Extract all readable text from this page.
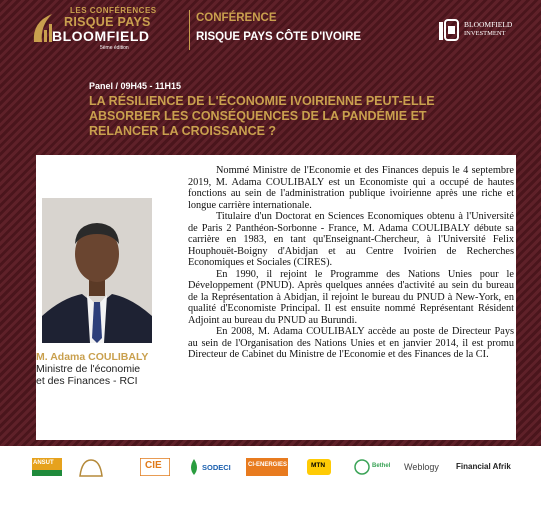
LES CONFÉRENCES
RISQUE PAYS
BLOOMFIELD
5ème édition
CONFÉRENCE
RISQUE PAYS CÔTE D'IVOIRE
BLOOMFIELD
INVESTMENT
Panel / 09H45 - 11H15
LA RÉSILIENCE DE L'ÉCONOMIE IVOIRIENNE PEUT-ELLE ABSORBER LES CONSÉQUENCES DE LA PANDÉMIE ET RELANCER LA CROISSANCE ?
M. Adama COULIBALY
Ministre de l'économie
et des Finances - RCI

Nommé Ministre de l'Economie et des Finances depuis le 4 septembre 2019, M. Adama COULIBALY est un Economiste qui a occupé de hautes fonctions au sein de l'administration publique ivoirienne après une riche et longue carrière internationale.

Titulaire d'un Doctorat en Sciences Economiques obtenu à l'Université de Paris 2 Panthéon-Sorbonne - France, M. Adama COULIBALY débute sa carrière en 1983, en tant qu'Enseignant-Chercheur, à l'Université Felix Houphouët-Boigny d'Abidjan et au Centre Ivoirien de Recherches Economiques et Sociales (CIRES).

En 1990, il rejoint le Programme des Nations Unies pour le Développement (PNUD). Après quelques années d'activité au sein du bureau de la Représentation à Abidjan, il rejoint le bureau du PNUD à New-York, en qualité d'Economiste Principal. Il est ensuite nommé Représentant Résident Adjoint au bureau du PNUD au Burundi.

En 2008, M. Adama COULIBALY accède au poste de Directeur Pays au sein de l'Organisation des Nations Unies et en janvier 2014, il est promu Directeur de Cabinet du Ministre de l'Economie et des Finances de la CI.

ANSUT	CIE	SODECI	CI-ENERGIES	MTN	Bethel Weblogy Financial Afrik
